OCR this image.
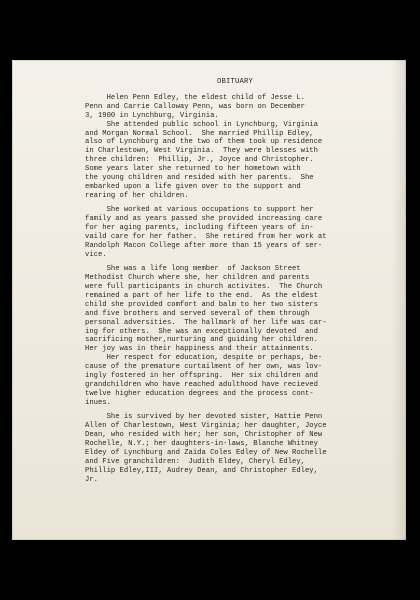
OBITUARY
Helen Penn Edley, the eldest child of Jesse L.
Penn and Carrie Calloway Penn, was born on December
3, 1900 in Lynchburg, Virginia.
She attended public school in Lynchburg, Virginia
and Morgan Normal School.  She married Phillip Edley,
also of Lynchburg and the two of them took up residence
in Charlestown, West Virginia.  They were blesses with
three children:  Phillip, Jr., Joyce and Christopher.
Some years later she returned to her hometown with
the young children and resided with her parents.  She
embarked upon a life given over to the support and
rearing of her children.
She worked at various occupations to support her
family and as years passed she provided increasing care
for her aging parents, including fifteen years of in-
vaild care for her father.  She retired from her work at
Randolph Macon College after more than 15 years of ser-
vice.
She was a life long member  of Jackson Street
Methodist Church where she, her children and parents
were full participants in church activites.  The Church
remained a part of her life to the end.  As the eldest
child she provided comfort and balm to her two sisters
and five brothers and served several of them through
personal adversities.  The hallmark of her life was car-
ing for others.  She was an exceptionally devoted  and
sacrificing mother,nurturing and guiding her children.
Her joy was in their happiness and their attainments.
Her respect for education, despite or perhaps, be-
cause of the premature curtailment of her own, was lov-
ingly fostered in her offspring.  Her six children and
grandchildren who have reached adulthood have recieved
twelve higher education degrees and the process cont-
inues.
She is survived by her devoted sister, Hattie Penn
Allen of Charlestown, West Virginia; her daughter, Joyce
Dean, who resided with her; her son, Christopher of New
Rochelle, N.Y.; her daughters-in-laws, Blanche Whitney
Eldey of Lynchburg and Zaida Coles Edley of New Rochelle
and Five granchildren:  Judith Eldey, Cheryl Edley,
Phillip Edley,III, Audrey Dean, and Christopher Edley,
Jr.
